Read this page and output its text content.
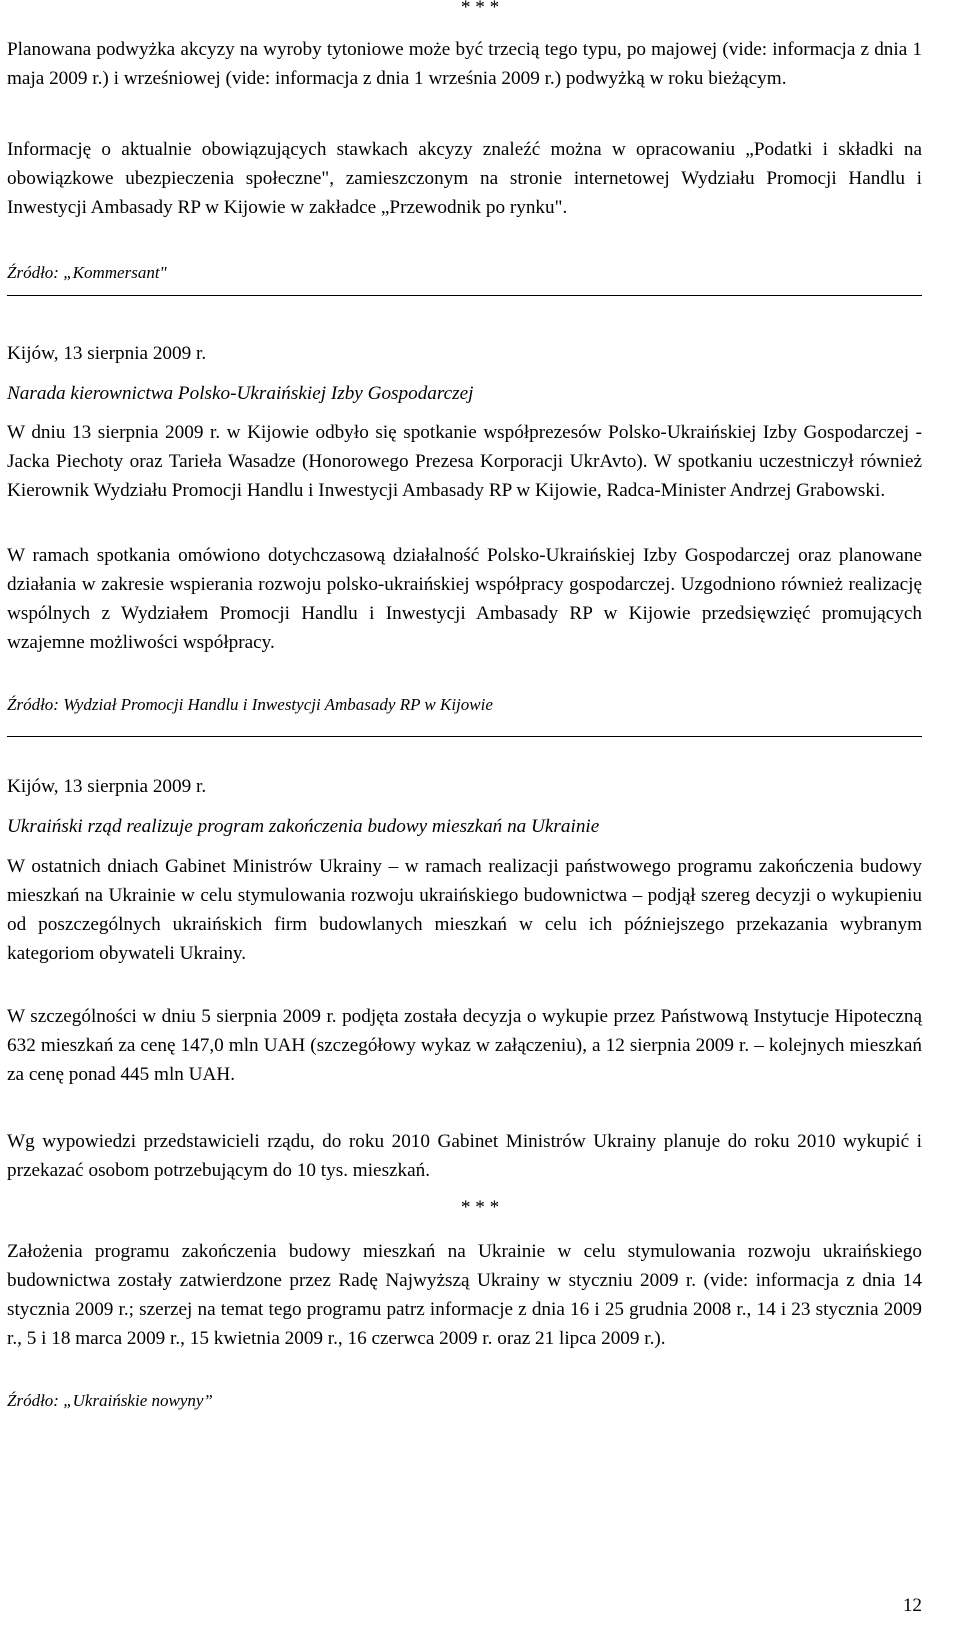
* * *

Planowana podwyżka akcyzy na wyroby tytoniowe może być trzecią tego typu, po majowej (vide: informacja z dnia 1 maja 2009 r.) i wrześniowej (vide: informacja z dnia 1 września 2009 r.) podwyżką w roku bieżącym.

Informację o aktualnie obowiązujących stawkach akcyzy znaleźć można w opracowaniu „Podatki i składki na obowiązkowe ubezpieczenia społeczne", zamieszczonym na stronie internetowej Wydziału Promocji Handlu i Inwestycji Ambasady RP w Kijowie w zakładce „Przewodnik po rynku".

Źródło: „Kommersant"

Kijów, 13 sierpnia 2009 r.

Narada kierownictwa Polsko-Ukraińskiej Izby Gospodarczej

W dniu 13 sierpnia 2009 r. w Kijowie odbyło się spotkanie współprezesów Polsko-Ukraińskiej Izby Gospodarczej - Jacka Piechoty oraz Tarieła Wasadze (Honorowego Prezesa Korporacji UkrAvto). W spotkaniu uczestniczył również Kierownik Wydziału Promocji Handlu i Inwestycji Ambasady RP w Kijowie, Radca-Minister Andrzej Grabowski.

W ramach spotkania omówiono dotychczasową działalność Polsko-Ukraińskiej Izby Gospodarczej oraz planowane działania w zakresie wspierania rozwoju polsko-ukraińskiej współpracy gospodarczej. Uzgodniono również realizację wspólnych z Wydziałem Promocji Handlu i Inwestycji Ambasady RP w Kijowie przedsięwzięć promujących wzajemne możliwości współpracy.

Źródło: Wydział Promocji Handlu i Inwestycji Ambasady RP w Kijowie

Kijów, 13 sierpnia 2009 r.

Ukraiński rząd realizuje program zakończenia budowy mieszkań na Ukrainie

W ostatnich dniach Gabinet Ministrów Ukrainy – w ramach realizacji państwowego programu zakończenia budowy mieszkań na Ukrainie w celu stymulowania rozwoju ukraińskiego budownictwa – podjął szereg decyzji o wykupieniu od poszczególnych ukraińskich firm budowlanych mieszkań w celu ich późniejszego przekazania wybranym kategoriom obywateli Ukrainy.

W szczególności w dniu 5 sierpnia 2009 r. podjęta została decyzja o wykupie przez Państwową Instytucje Hipoteczną 632 mieszkań za cenę 147,0 mln UAH (szczegółowy wykaz w załączeniu), a 12 sierpnia 2009 r. – kolejnych mieszkań za cenę ponad 445 mln UAH.

Wg wypowiedzi przedstawicieli rządu, do roku 2010 Gabinet Ministrów Ukrainy planuje do roku 2010 wykupić i przekazać osobom potrzebującym do 10 tys. mieszkań.

* * *

Założenia programu zakończenia budowy mieszkań na Ukrainie w celu stymulowania rozwoju ukraińskiego budownictwa zostały zatwierdzone przez Radę Najwyższą Ukrainy w styczniu 2009 r. (vide: informacja z dnia 14 stycznia 2009 r.; szerzej na temat tego programu patrz informacje z dnia 16 i 25 grudnia 2008 r., 14 i 23 stycznia 2009 r., 5 i 18 marca 2009 r., 15 kwietnia 2009 r., 16 czerwca 2009 r. oraz 21 lipca 2009 r.).

Źródło: „Ukraińskie nowyny”

12
